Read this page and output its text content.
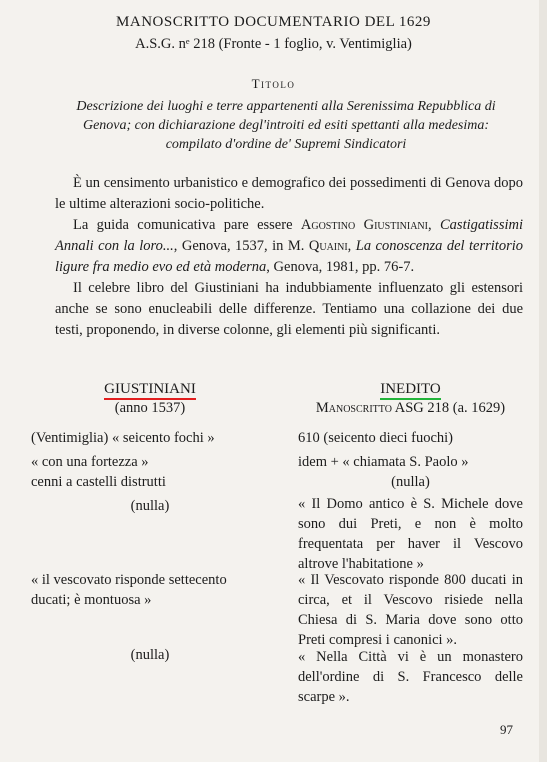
MANOSCRITTO DOCUMENTARIO DEL 1629
A.S.G. nᵉ 218 (Fronte - 1 foglio, v. Ventimiglia)
Titolo
Descrizione dei luoghi e terre appartenenti alla Serenissima Repubblica di Genova; con dichiarazione degl'introiti ed esiti spettanti alla medesima: compilato d'ordine de' Supremi Sindicatori
È un censimento urbanistico e demografico dei possedimenti di Genova dopo le ultime alterazioni socio-politiche.
La guida comunicativa pare essere Agostino Giustiniani, Castigatissimi Annali con la loro..., Genova, 1537, in M. Quaini, La conoscenza del territorio ligure fra medio evo ed età moderna, Genova, 1981, pp. 76-7.
Il celebre libro del Giustiniani ha indubbiamente influenzato gli estensori anche se sono enucleabili delle differenze. Tentiamo una collazione dei due testi, proponendo, in diverse colonne, gli elementi più significanti.
GIUSTINIANI
(anno 1537)
(Ventimiglia) « seicento fochi »
« con una fortezza »
cenni a castelli distrutti
(nulla)
« il vescovato risponde settecento
ducati; è montuosa »
(nulla)
INEDITO
Manoscritto ASG 218 (a. 1629)
610 (seicento dieci fuochi)
idem + « chiamata S. Paolo »
(nulla)
« Il Domo antico è S. Michele dove sono dui Preti, e non è molto frequentata per haver il Vescovo altrove l'habitatione »
« Il Vescovato risponde 800 ducati in circa, et il Vescovo risiede nella Chiesa di S. Maria dove sono otto Preti compresi i canonici ».
« Nella Città vi è un monastero dell'ordine di S. Francesco delle scarpe ».
97
